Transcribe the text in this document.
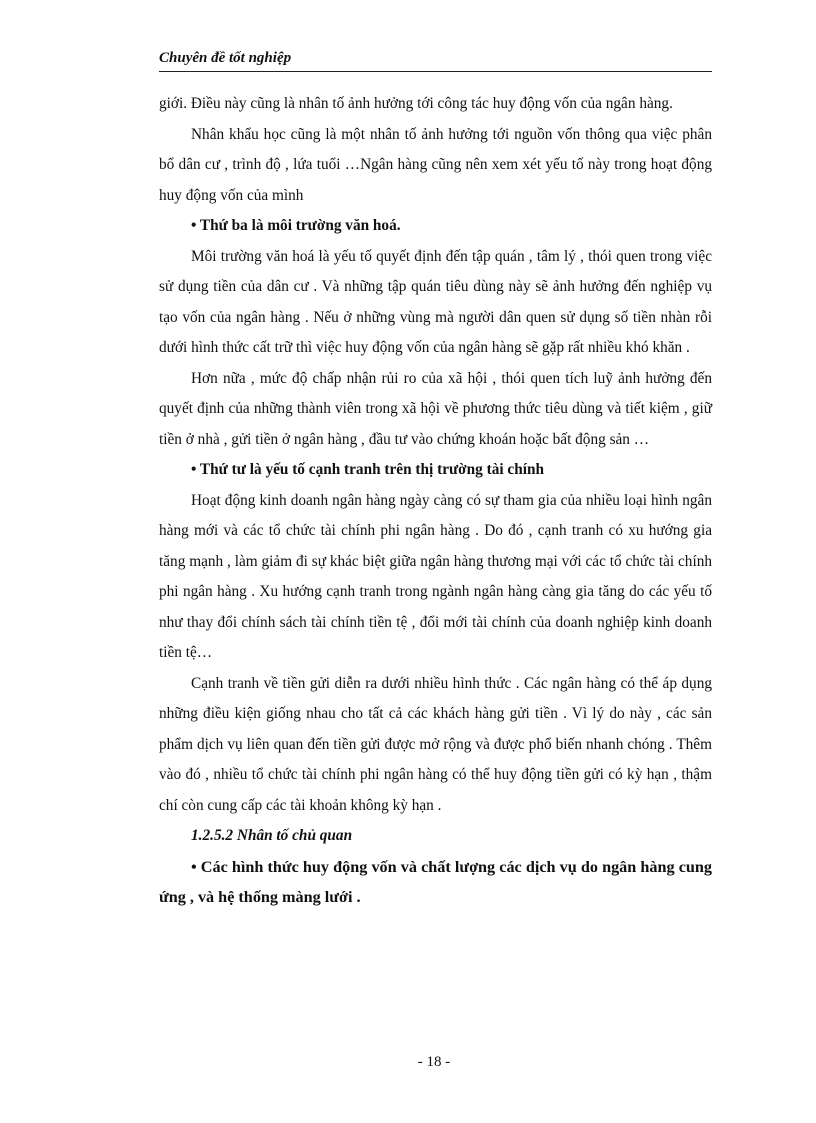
Chuyên đề tốt nghiệp

giới. Điều này cũng là nhân tố ảnh hưởng tới công tác huy động vốn của ngân hàng.

Nhân khẩu học cũng là một nhân tố ảnh hưởng tới nguồn vốn thông qua việc phân bổ dân cư , trình độ , lứa tuổi …Ngân hàng cũng nên xem xét yếu tố này trong hoạt động huy động vốn của mình

• Thứ ba là môi trường văn hoá.

Môi trường văn hoá là yếu tố quyết định đến tập quán , tâm lý , thói quen trong việc sử dụng tiền của dân cư . Và những tập quán tiêu dùng này sẽ ảnh hưởng đến nghiệp vụ tạo vốn của ngân hàng . Nếu ở những vùng mà người dân quen sử dụng số tiền nhàn rỗi dưới hình thức cất trữ thì việc huy động vốn của ngân hàng sẽ gặp rất nhiều khó khăn .

Hơn nữa , mức độ chấp nhận rủi ro của xã hội , thói quen tích luỹ ảnh hưởng đến quyết định của những thành viên trong xã hội về phương thức tiêu dùng và tiết kiệm , giữ tiền ở nhà , gửi tiền ở ngân hàng , đầu tư vào chứng khoán hoặc bất động sản …

• Thứ tư là yếu tố cạnh tranh trên thị trường tài chính

Hoạt động kinh doanh ngân hàng ngày càng có sự tham gia của nhiều loại hình ngân hàng mới và các tổ chức tài chính phi ngân hàng . Do đó , cạnh tranh có xu hướng gia tăng mạnh , làm giảm đi sự khác biệt giữa ngân hàng thương mại với các tổ chức tài chính phi ngân hàng . Xu hướng cạnh tranh trong ngành ngân hàng càng gia tăng do các yếu tố như thay đổi chính sách tài chính tiền tệ , đổi mới tài chính của doanh nghiệp kinh doanh tiền tệ…

Cạnh tranh về tiền gửi diễn ra dưới nhiều hình thức . Các ngân hàng có thể áp dụng những điều kiện giống nhau cho tất cả các khách hàng gửi tiền . Vì lý do này , các sản phẩm dịch vụ liên quan đến tiền gửi được mở rộng và được phổ biến nhanh chóng . Thêm vào đó , nhiều tổ chức tài chính phi ngân hàng có thể huy động tiền gửi có kỳ hạn , thậm chí còn cung cấp các tài khoản không kỳ hạn .

1.2.5.2 Nhân tố chủ quan

• Các hình thức huy động vốn và chất lượng các dịch vụ do ngân hàng cung ứng , và hệ thống màng lưới .

- 18 -
